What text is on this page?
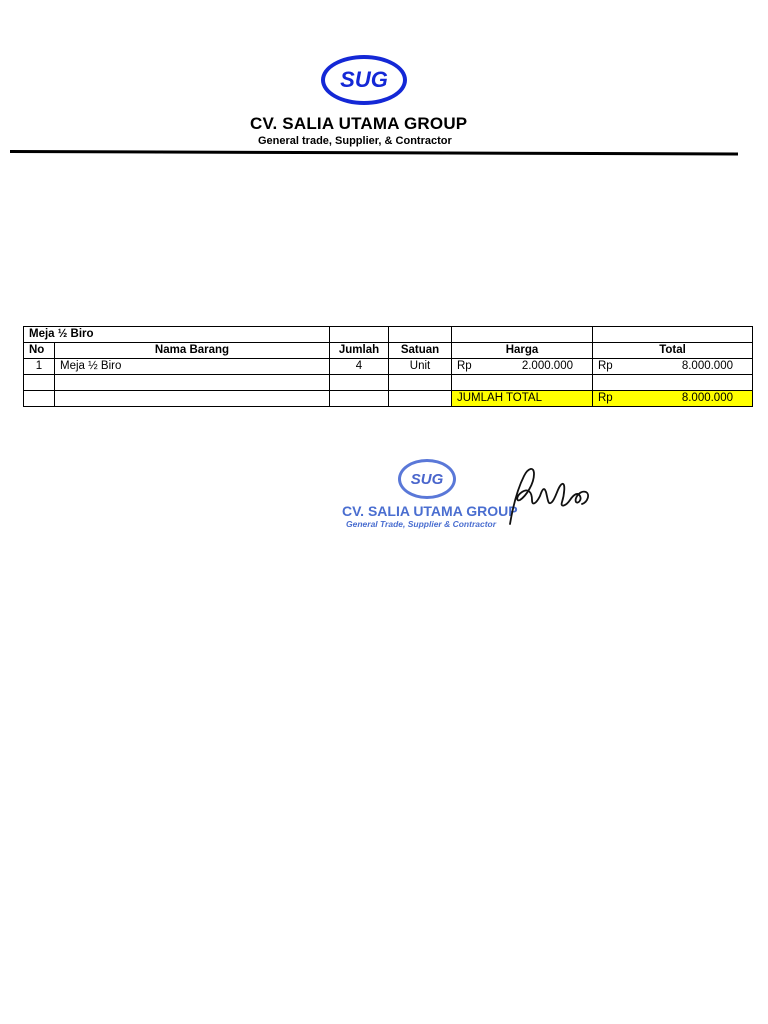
SUG
CV. SALIA UTAMA GROUP
General trade, Supplier, & Contractor
Meja ½ Biro					
No	Nama Barang	Jumlah	Satuan	Harga	Total
1	Meja ½ Biro	4	Unit	Rp 2.000.000	Rp 8.000.000

				JUMLAH TOTAL	Rp 8.000.000
SUG
CV. SALIA UTAMA GROUP
General Trade, Supplier & Contractor
